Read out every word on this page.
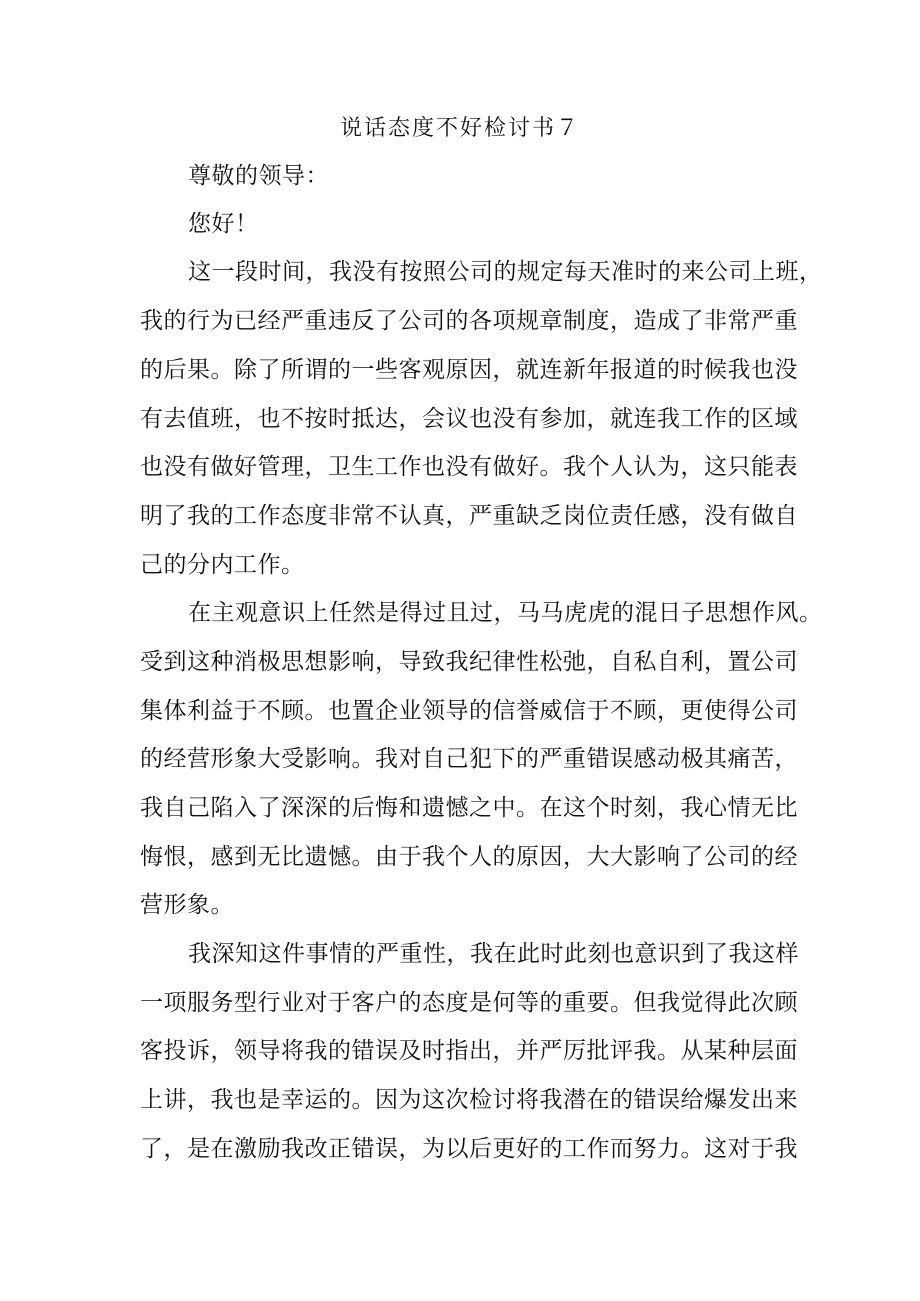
说话态度不好检讨书７
尊敬的领导：
您好！
这一段时间，我没有按照公司的规定每天准时的来公司上班，
我的行为已经严重违反了公司的各项规章制度，造成了非常严重
的后果。除了所谓的一些客观原因，就连新年报道的时候我也没
有去值班，也不按时抵达，会议也没有参加，就连我工作的区域
也没有做好管理，卫生工作也没有做好。我个人认为，这只能表
明了我的工作态度非常不认真，严重缺乏岗位责任感，没有做自
己的分内工作。
在主观意识上任然是得过且过，马马虎虎的混日子思想作风。
受到这种消极思想影响，导致我纪律性松弛，自私自利，置公司
集体利益于不顾。也置企业领导的信誉威信于不顾，更使得公司
的经营形象大受影响。我对自己犯下的严重错误感动极其痛苦，
我自己陷入了深深的后悔和遗憾之中。在这个时刻，我心情无比
悔恨，感到无比遗憾。由于我个人的原因，大大影响了公司的经
营形象。
我深知这件事情的严重性，我在此时此刻也意识到了我这样
一项服务型行业对于客户的态度是何等的重要。但我觉得此次顾
客投诉，领导将我的错误及时指出，并严厉批评我。从某种层面
上讲，我也是幸运的。因为这次检讨将我潜在的错误给爆发出来
了，是在激励我改正错误，为以后更好的工作而努力。这对于我
